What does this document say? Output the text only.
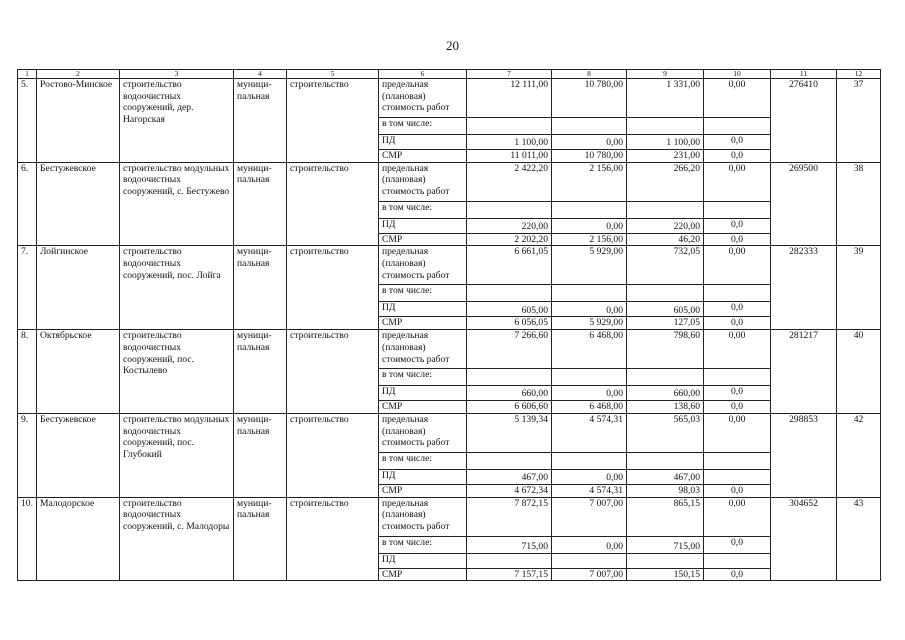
20
1	2	3	4	5	6	7	8	9	10	11	12
5.	Ростово-Минское	строительство водоочистных сооружений, дер. Нагорская	муници-пальная	строительство	предельная (плановая) стоимость работ	12 111,00	10 780,00	1 331,00	0,00	276410	37
					в том числе:						
					ПД	1 100,00	0,00	1 100,00	0,0		
					СМР	11 011,00	10 780,00	231,00	0,0		
6.	Бестужевское	строительство модульных водоочистных сооружений, с. Бестужево	муници-пальная	строительство	предельная (плановая) стоимость работ	2 422,20	2 156,00	266,20	0,00	269500	38
					в том числе:						
					ПД	220,00	0,00	220,00	0,0		
					СМР	2 202,20	2 156,00	46,20	0,0		
7.	Лойгинское	строительство водоочистных сооружений, пос. Лойга	муници-пальная	строительство	предельная (плановая) стоимость работ	6 661,05	5 929,00	732,05	0,00	282333	39
					в том числе:						
					ПД	605,00	0,00	605,00	0,0		
					СМР	6 056,05	5 929,00	127,05	0,0		
8.	Октябрьское	строительство водоочистных сооружений, пос. Костылево	муници-пальная	строительство	предельная (плановая) стоимость работ	7 266,60	6 468,00	798,60	0,00	281217	40
					в том числе:						
					ПД	660,00	0,00	660,00	0,0		
					СМР	6 606,60	6 468,00	138,60	0,0		
9.	Бестужевское	строительство модульных водоочистных сооружений, пос. Глубокий	муници-пальная	строительство	предельная (плановая) стоимость работ	5 139,34	4 574,31	565,03	0,00	298853	42
					в том числе:						
					ПД	467,00	0,00	467,00			
					СМР	4 672,34	4 574,31	98,03	0,0		
10.	Малодорское	строительство водоочистных сооружений, с. Малодоры	муници-пальная	строительство	предельная (плановая) стоимость работ	7 872,15	7 007,00	865,15	0,00	304652	43
					в том числе:	715,00	0,00	715,00	0,0		
					ПД						
					СМР	7 157,15	7 007,00	150,15	0,0		
